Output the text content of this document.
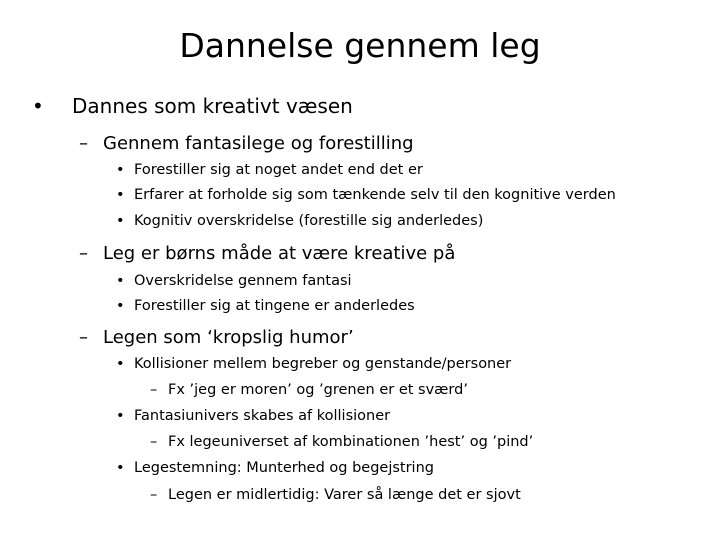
Dannelse gennem leg
• Dannes som kreativt væsen
– Gennem fantasilege og forestilling
• Forestiller sig at noget andet end det er
• Erfarer at forholde sig som tænkende selv til den kognitive verden
• Kognitiv overskridelse (forestille sig anderledes)
– Leg er børns måde at være kreative på
• Overskridelse gennem fantasi
• Forestiller sig at tingene er anderledes
– Legen som ‘kropslig humor’
• Kollisioner mellem begreber og genstande/personer
– Fx ’jeg er moren’ og ’grenen er et sværd’
• Fantasiunivers skabes af kollisioner
– Fx legeuniverset af kombinationen ’hest’ og ’pind’
• Legestemning: Munterhed og begejstring
– Legen er midlertidig: Varer så længe det er sjovt
